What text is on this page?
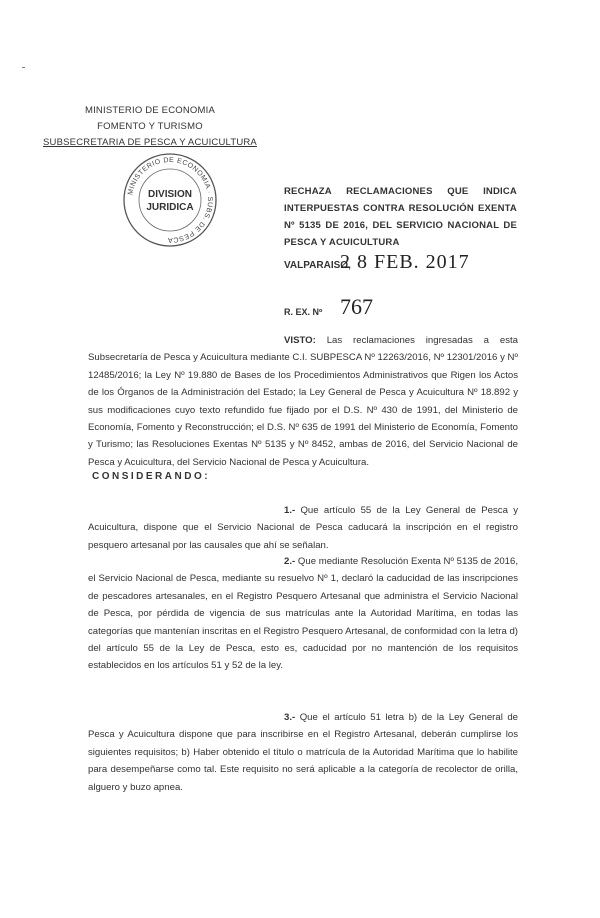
MINISTERIO DE ECONOMIA
FOMENTO Y TURISMO
SUBSECRETARIA DE PESCA Y ACUICULTURA
MINISTERIO DE ECONOMIA · SUBS. DE PESCA
DIVISION
JURIDICA
RECHAZA RECLAMACIONES QUE INDICA INTERPUESTAS CONTRA RESOLUCIÓN EXENTA Nº 5135 DE 2016, DEL SERVICIO NACIONAL DE PESCA Y ACUICULTURA
VALPARAISO,
2 8 FEB. 2017
R. EX. Nº 767
VISTO: Las reclamaciones ingresadas a esta Subsecretaría de Pesca y Acuicultura mediante C.I. SUBPESCA Nº 12263/2016, Nº 12301/2016 y Nº 12485/2016; la Ley Nº 19.880 de Bases de los Procedimientos Administrativos que Rigen los Actos de los Órganos de la Administración del Estado; la Ley General de Pesca y Acuicultura Nº 18.892 y sus modificaciones cuyo texto refundido fue fijado por el D.S. Nº 430 de 1991, del Ministerio de Economía, Fomento y Reconstrucción; el D.S. Nº 635 de 1991 del Ministerio de Economía, Fomento y Turismo; las Resoluciones Exentas Nº 5135 y Nº 8452, ambas de 2016, del Servicio Nacional de Pesca y Acuicultura, del Servicio Nacional de Pesca y Acuicultura.
CONSIDERANDO:
1.- Que artículo 55 de la Ley General de Pesca y Acuicultura, dispone que el Servicio Nacional de Pesca caducará la inscripción en el registro pesquero artesanal por las causales que ahí se señalan.
2.- Que mediante Resolución Exenta Nº 5135 de 2016, el Servicio Nacional de Pesca, mediante su resuelvo Nº 1, declaró la caducidad de las inscripciones de pescadores artesanales, en el Registro Pesquero Artesanal que administra el Servicio Nacional de Pesca, por pérdida de vigencia de sus matrículas ante la Autoridad Marítima, en todas las categorías que mantenían inscritas en el Registro Pesquero Artesanal, de conformidad con la letra d) del artículo 55 de la Ley de Pesca, esto es, caducidad por no mantención de los requisitos establecidos en los artículos 51 y 52 de la ley.
3.- Que el artículo 51 letra b) de la Ley General de Pesca y Acuicultura dispone que para inscribirse en el Registro Artesanal, deberán cumplirse los siguientes requisitos; b) Haber obtenido el título o matrícula de la Autoridad Marítima que lo habilite para desempeñarse como tal. Este requisito no será aplicable a la categoría de recolector de orilla, alguero y buzo apnea.
